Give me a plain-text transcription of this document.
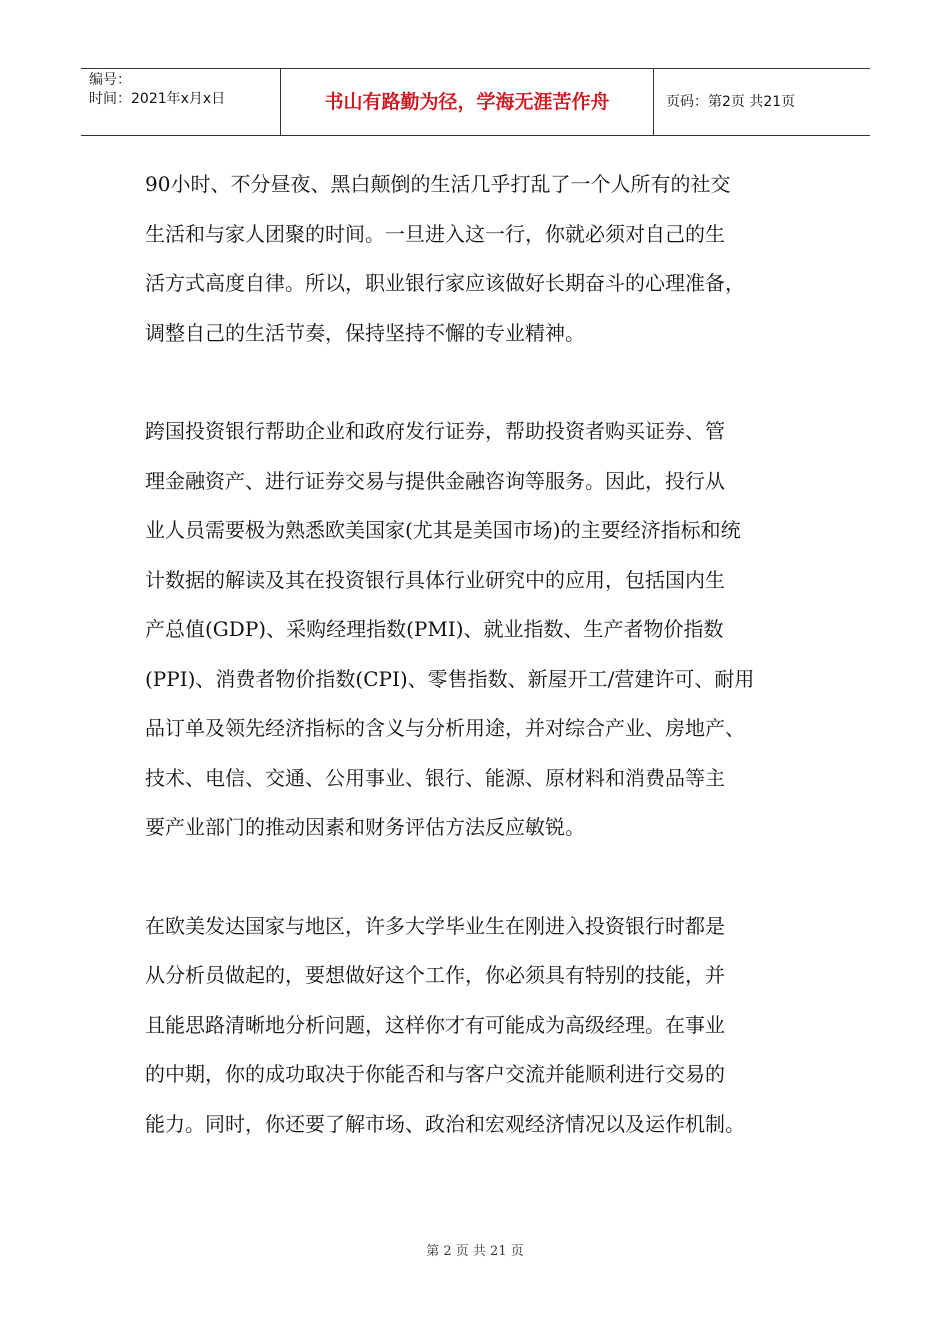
编号：
时间：2021年x月x日	书山有路勤为径，学海无涯苦作舟	页码：第2页 共21页

90小时、不分昼夜、黑白颠倒的生活几乎打乱了一个人所有的社交

生活和与家人团聚的时间。一旦进入这一行，你就必须对自己的生

活方式高度自律。所以，职业银行家应该做好长期奋斗的心理准备，

调整自己的生活节奏，保持坚持不懈的专业精神。

跨国投资银行帮助企业和政府发行证券，帮助投资者购买证券、管

理金融资产、进行证券交易与提供金融咨询等服务。因此，投行从

业人员需要极为熟悉欧美国家(尤其是美国市场)的主要经济指标和统

计数据的解读及其在投资银行具体行业研究中的应用，包括国内生

产总值(GDP)、采购经理指数(PMI)、就业指数、生产者物价指数

(PPI)、消费者物价指数(CPI)、零售指数、新屋开工/营建许可、耐用

品订单及领先经济指标的含义与分析用途，并对综合产业、房地产、

技术、电信、交通、公用事业、银行、能源、原材料和消费品等主

要产业部门的推动因素和财务评估方法反应敏锐。

在欧美发达国家与地区，许多大学毕业生在刚进入投资银行时都是

从分析员做起的，要想做好这个工作，你必须具有特别的技能，并

且能思路清晰地分析问题，这样你才有可能成为高级经理。在事业

的中期，你的成功取决于你能否和与客户交流并能顺利进行交易的

能力。同时，你还要了解市场、政治和宏观经济情况以及运作机制。

第 2 页 共 21 页
